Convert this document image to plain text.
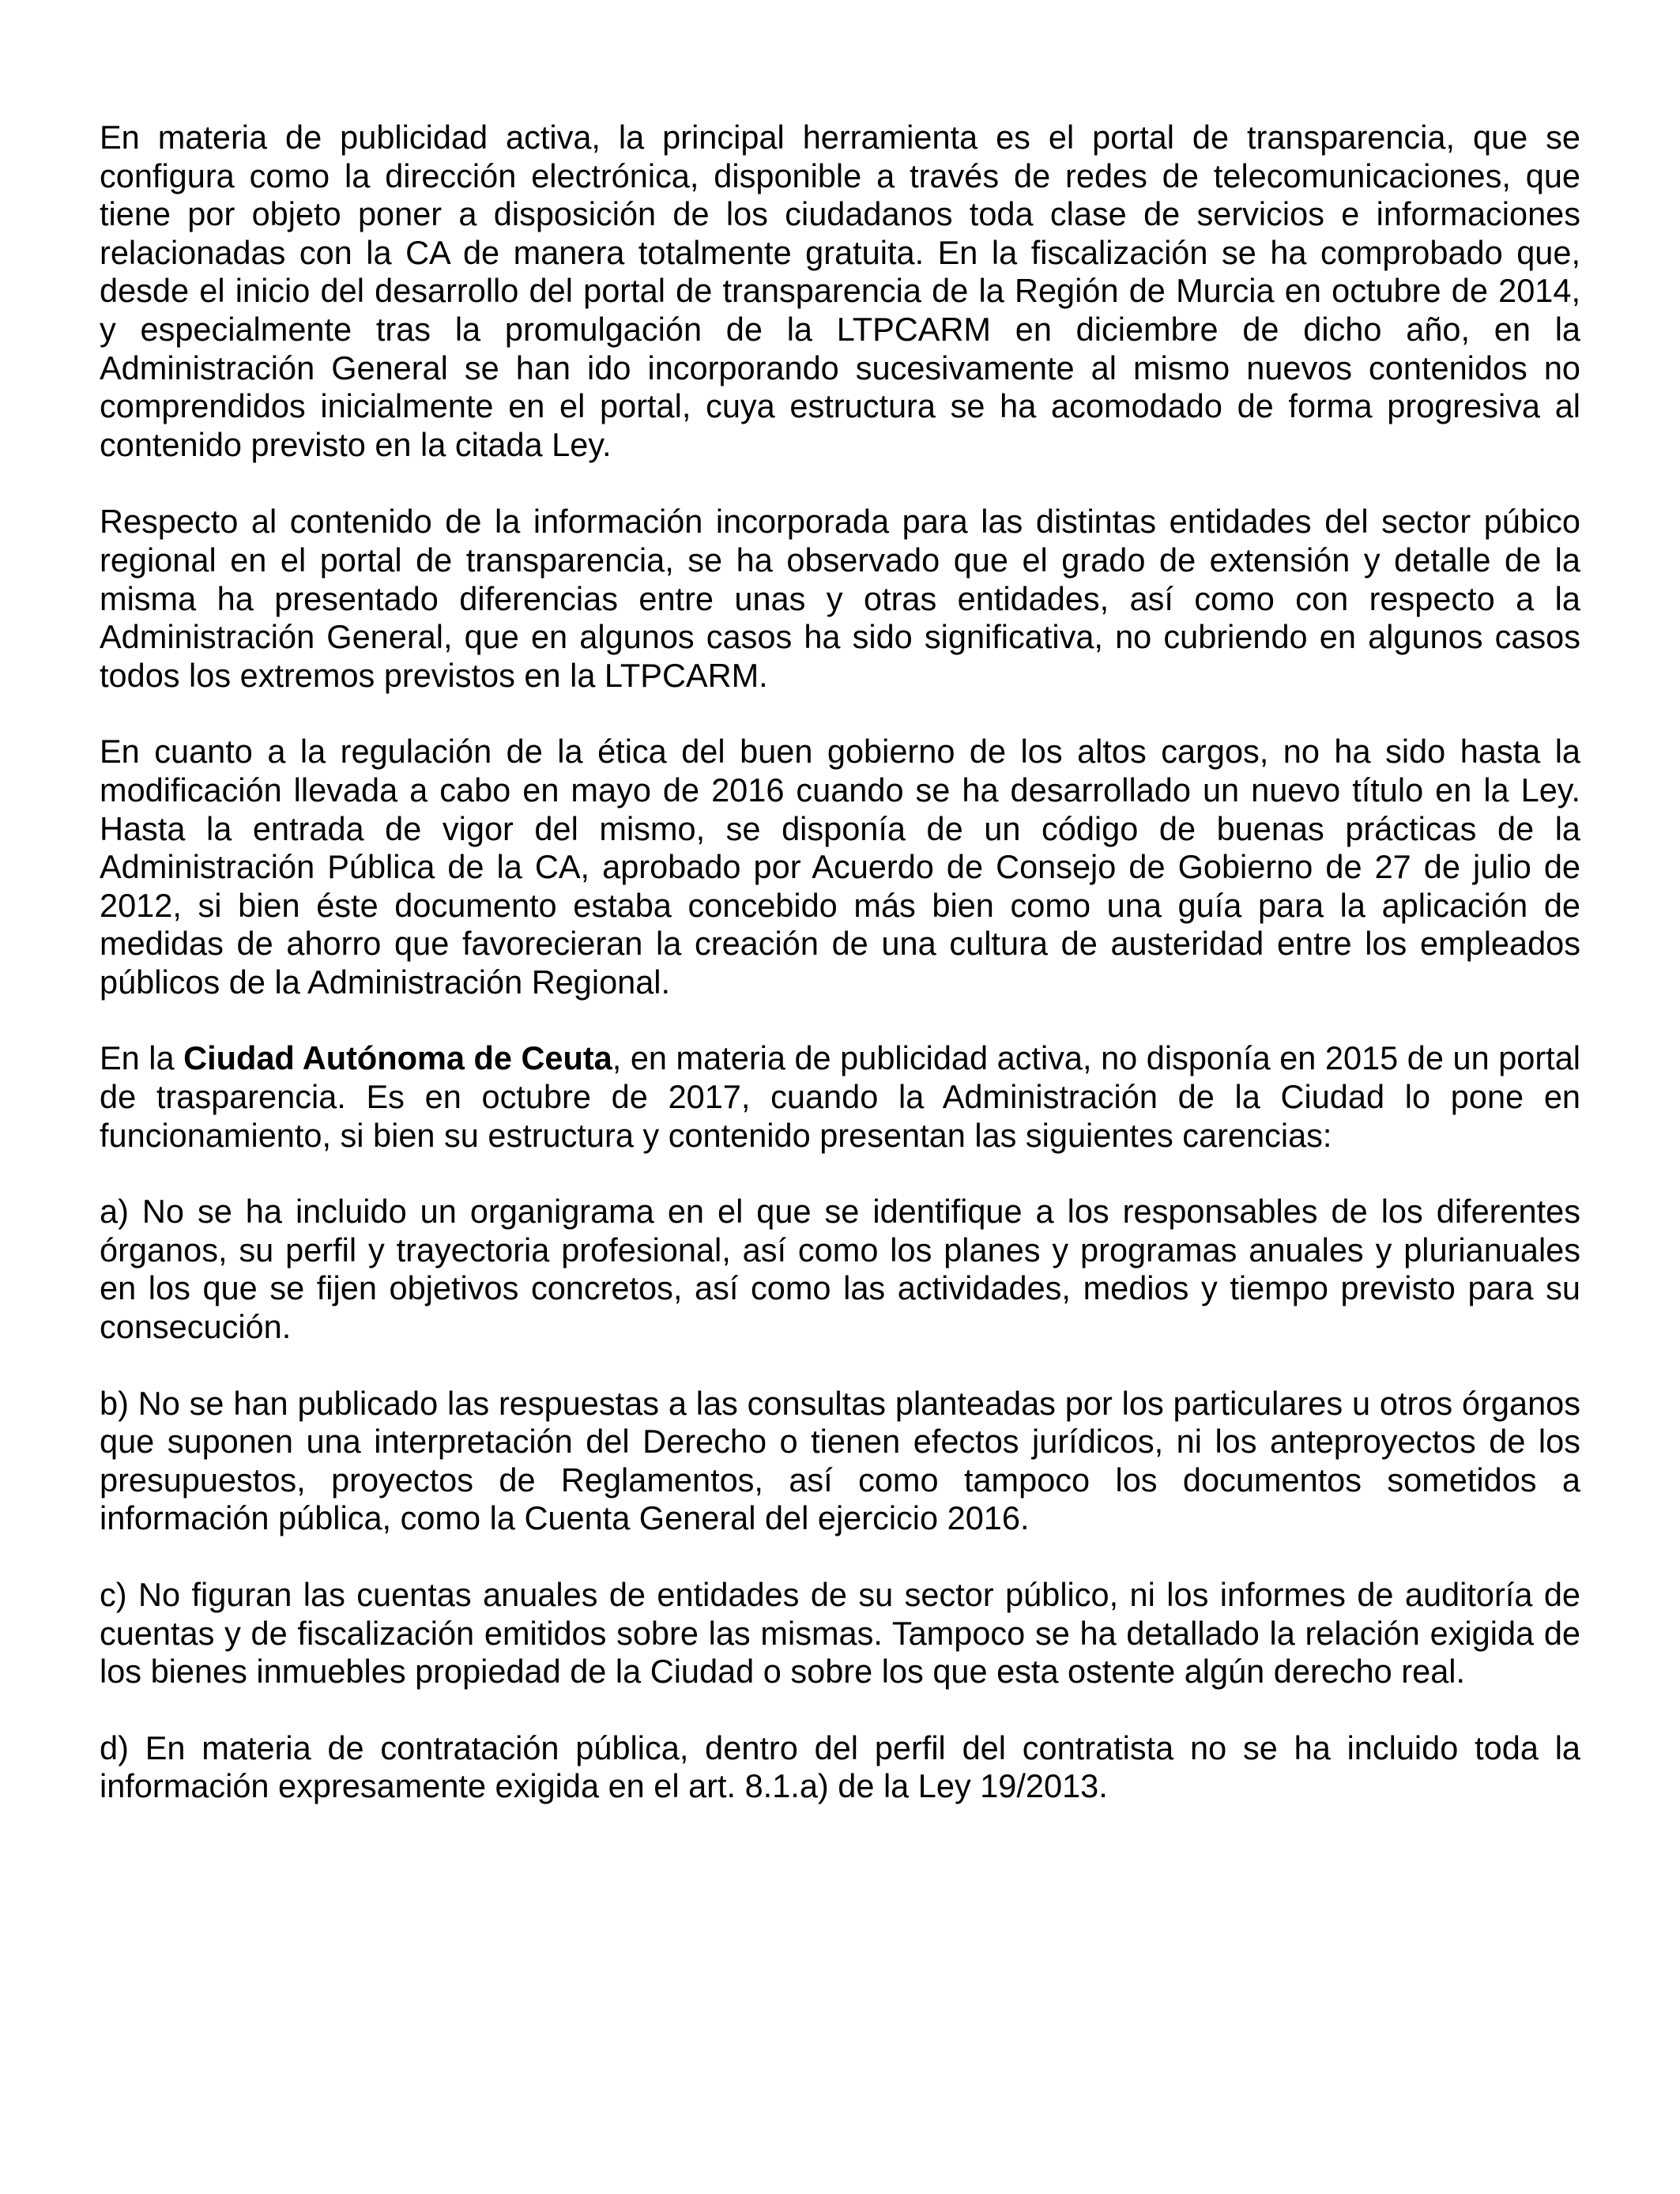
En materia de publicidad activa, la principal herramienta es el portal de transparencia, que se configura como la dirección electrónica, disponible a través de redes de telecomunicaciones, que tiene por objeto poner a disposición de los ciudadanos toda clase de servicios e informaciones relacionadas con la CA de manera totalmente gratuita. En la fiscalización se ha comprobado que, desde el inicio del desarrollo del portal de transparencia de la Región de Murcia en octubre de 2014, y especialmente tras la promulgación de la LTPCARM en diciembre de dicho año, en la Administración General se han ido incorporando sucesivamente al mismo nuevos contenidos no comprendidos inicialmente en el portal, cuya estructura se ha acomodado de forma progresiva al contenido previsto en la citada Ley.

Respecto al contenido de la información incorporada para las distintas entidades del sector púbico regional en el portal de transparencia, se ha observado que el grado de extensión y detalle de la misma ha presentado diferencias entre unas y otras entidades, así como con respecto a la Administración General, que en algunos casos ha sido significativa, no cubriendo en algunos casos todos los extremos previstos en la LTPCARM.

En cuanto a la regulación de la ética del buen gobierno de los altos cargos, no ha sido hasta la modificación llevada a cabo en mayo de 2016 cuando se ha desarrollado un nuevo título en la Ley. Hasta la entrada de vigor del mismo, se disponía de un código de buenas prácticas de la Administración Pública de la CA, aprobado por Acuerdo de Consejo de Gobierno de 27 de julio de 2012, si bien éste documento estaba concebido más bien como una guía para la aplicación de medidas de ahorro que favorecieran la creación de una cultura de austeridad entre los empleados públicos de la Administración Regional.

En la Ciudad Autónoma de Ceuta, en materia de publicidad activa, no disponía en 2015 de un portal de trasparencia. Es en octubre de 2017, cuando la Administración de la Ciudad lo pone en funcionamiento, si bien su estructura y contenido presentan las siguientes carencias:

a) No se ha incluido un organigrama en el que se identifique a los responsables de los diferentes órganos, su perfil y trayectoria profesional, así como los planes y programas anuales y plurianuales en los que se fijen objetivos concretos, así como las actividades, medios y tiempo previsto para su consecución.

b) No se han publicado las respuestas a las consultas planteadas por los particulares u otros órganos que suponen una interpretación del Derecho o tienen efectos jurídicos, ni los anteproyectos de los presupuestos, proyectos de Reglamentos, así como tampoco los documentos sometidos a información pública, como la Cuenta General del ejercicio 2016.

c) No figuran las cuentas anuales de entidades de su sector público, ni los informes de auditoría de cuentas y de fiscalización emitidos sobre las mismas. Tampoco se ha detallado la relación exigida de los bienes inmuebles propiedad de la Ciudad o sobre los que esta ostente algún derecho real.

d) En materia de contratación pública, dentro del perfil del contratista no se ha incluido toda la información expresamente exigida en el art. 8.1.a) de la Ley 19/2013.
